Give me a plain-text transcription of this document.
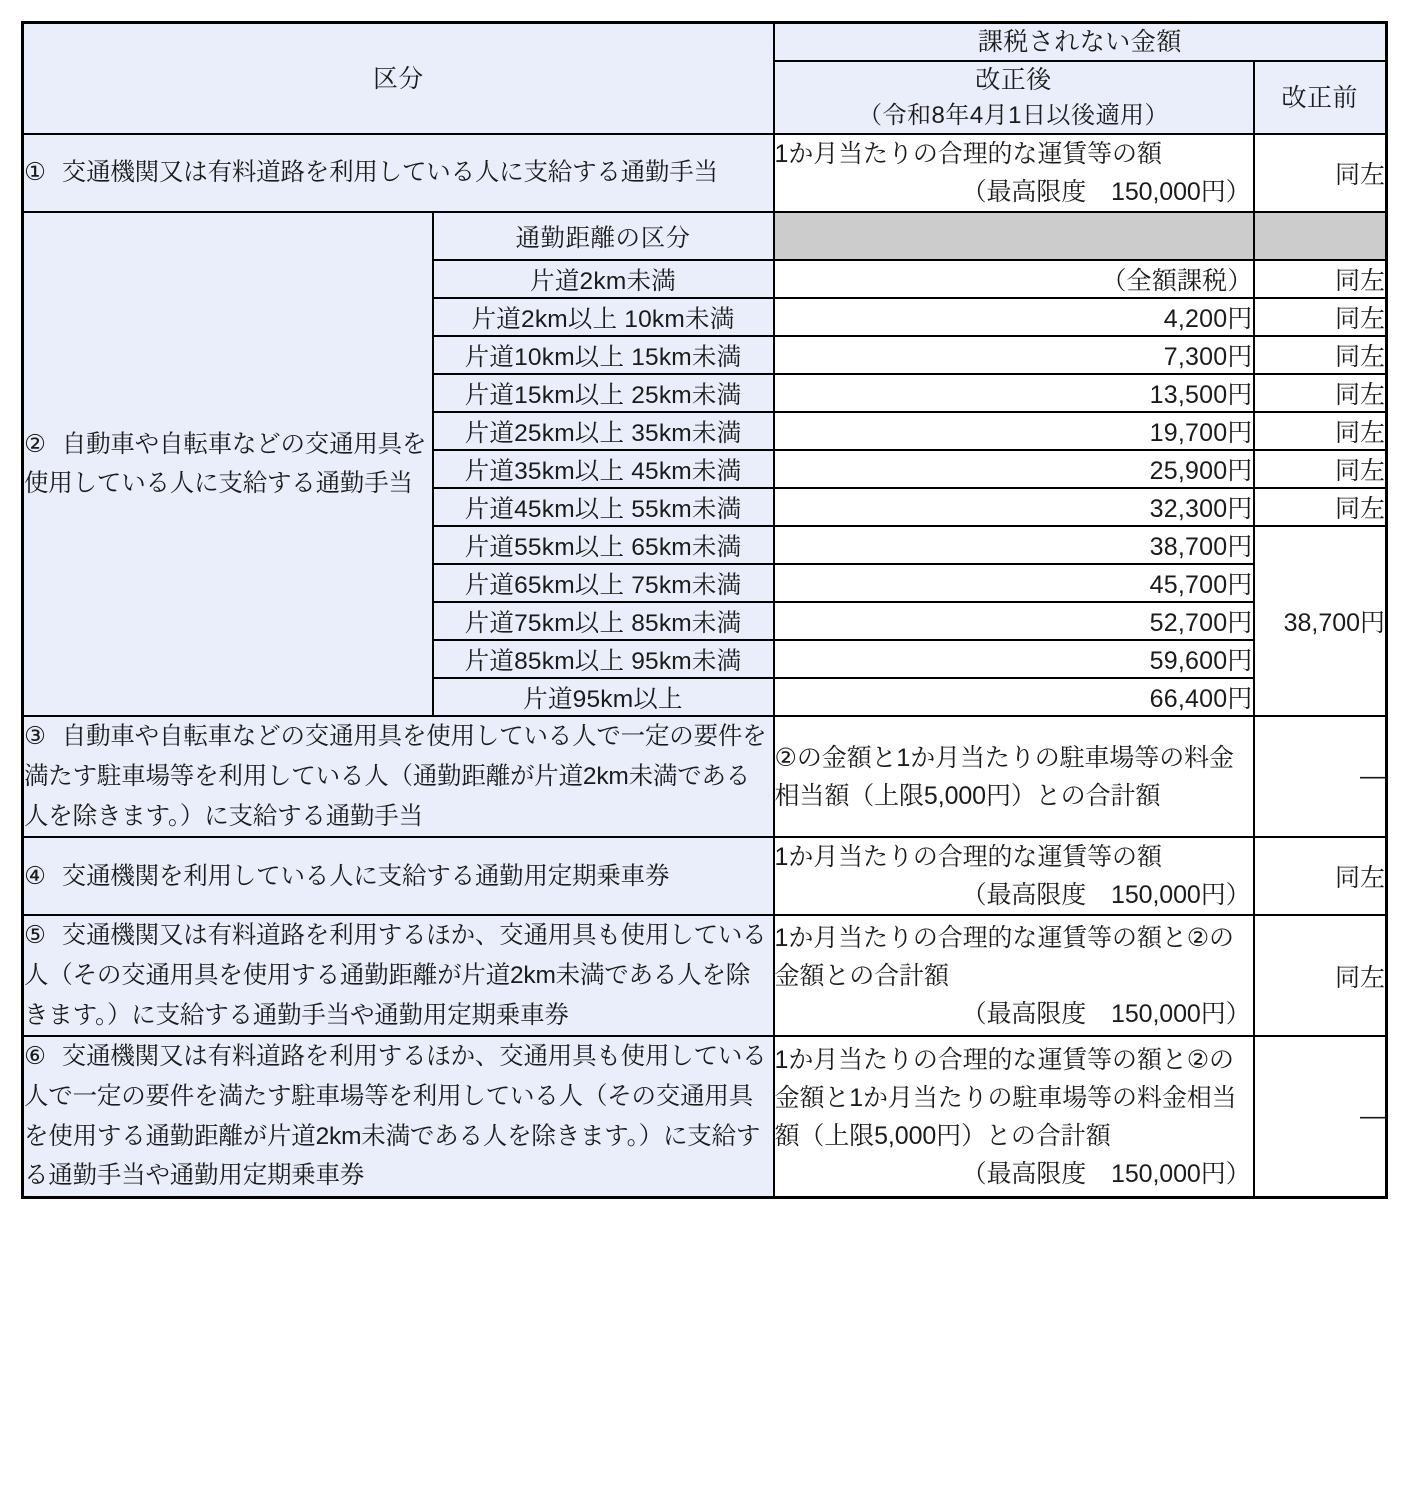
区分		課税されない金額	

		改正後
（令和8年4月1日以後適用）	改正前
① 交通機関又は有料道路を利用している人に支給する通勤手当		1か月当たりの合理的な運賃等の額
（最高限度　150,000円）	同左
② 自動車や自転車などの交通用具を使用している人に支給する通勤手当	通勤距離の区分		
	片道2km未満	（全額課税）	同左
	片道2km以上 10km未満	4,200円	同左
	片道10km以上 15km未満	7,300円	同左
	片道15km以上 25km未満	13,500円	同左
	片道25km以上 35km未満	19,700円	同左
	片道35km以上 45km未満	25,900円	同左
	片道45km以上 55km未満	32,300円	同左
	片道55km以上 65km未満	38,700円	38,700円
	片道65km以上 75km未満	45,700円	
	片道75km以上 85km未満	52,700円	
	片道85km以上 95km未満	59,600円	
	片道95km以上	66,400円	
③ 自動車や自転車などの交通用具を使用している人で一定の要件を満たす駐車場等を利用している人（通勤距離が片道2km未満である人を除きます。）に支給する通勤手当		②の金額と1か月当たりの駐車場等の料金
相当額（上限5,000円）との合計額	―
④ 交通機関を利用している人に支給する通勤用定期乗車券		1か月当たりの合理的な運賃等の額
（最高限度　150,000円）	同左
⑤ 交通機関又は有料道路を利用するほか、交通用具も使用している人（その交通用具を使用する通勤距離が片道2km未満である人を除きます。）に支給する通勤手当や通勤用定期乗車券		1か月当たりの合理的な運賃等の額と②の
金額との合計額
（最高限度　150,000円）	同左
⑥ 交通機関又は有料道路を利用するほか、交通用具も使用している人で一定の要件を満たす駐車場等を利用している人（その交通用具を使用する通勤距離が片道2km未満である人を除きます。）に支給する通勤手当や通勤用定期乗車券		1か月当たりの合理的な運賃等の額と②の
金額と1か月当たりの駐車場等の料金相当
額（上限5,000円）との合計額
（最高限度　150,000円）	―
